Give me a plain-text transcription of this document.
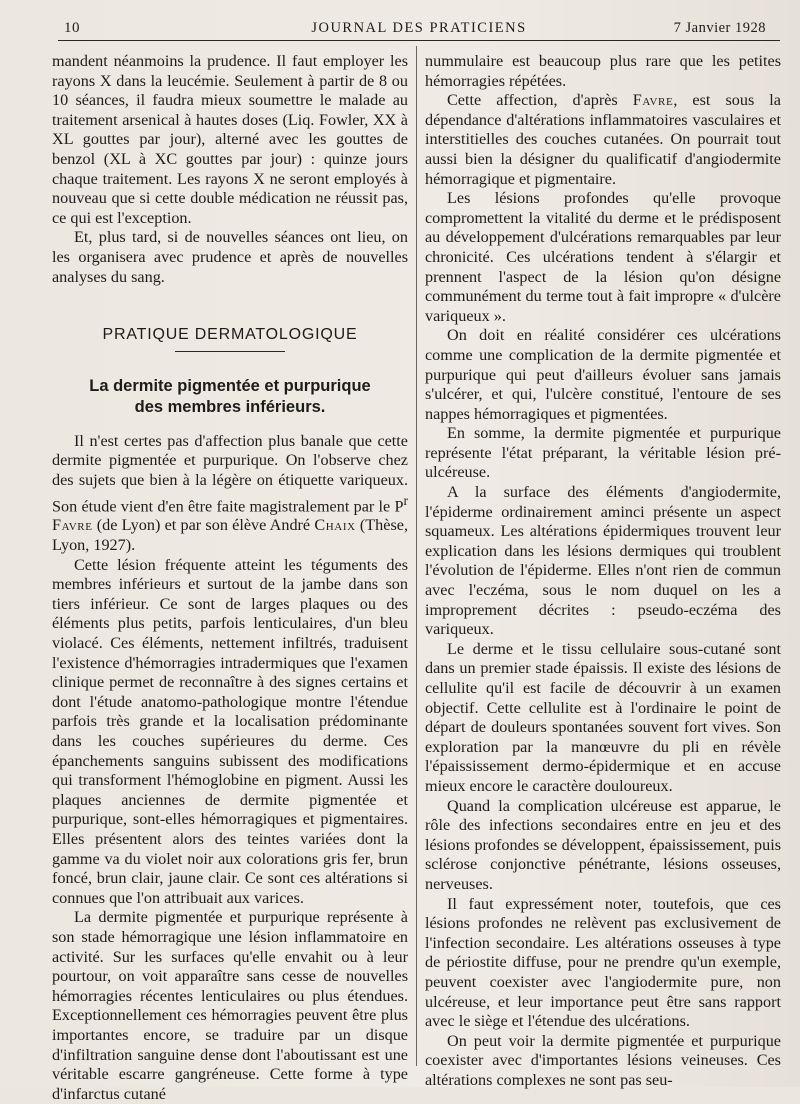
10	JOURNAL DES PRATICIENS	7 Janvier 1928

mandent néanmoins la prudence. Il faut employer les rayons X dans la leucémie. Seulement à partir de 8 ou 10 séances, il faudra mieux soumettre le malade au traitement arsenical à hautes doses (Liq. Fowler, XX à XL gouttes par jour), alterné avec les gouttes de benzol (XL à XC gouttes par jour) : quinze jours chaque traitement. Les rayons X ne seront employés à nouveau que si cette double médication ne réussit pas, ce qui est l'exception.

Et, plus tard, si de nouvelles séances ont lieu, on les organisera avec prudence et après de nouvelles analyses du sang.

PRATIQUE DERMATOLOGIQUE
La dermite pigmentée et purpurique
des membres inférieurs.

Il n'est certes pas d'affection plus banale que cette dermite pigmentée et purpurique. On l'observe chez des sujets que bien à la légère on étiquette variqueux. Son étude vient d'en être faite magistralement par le $P^r$ Favre (de Lyon) et par son élève André Chaix (Thèse, Lyon, 1927).

Cette lésion fréquente atteint les téguments des membres inférieurs et surtout de la jambe dans son tiers inférieur. Ce sont de larges plaques ou des éléments plus petits, parfois lenticulaires, d'un bleu violacé. Ces éléments, nettement infiltrés, traduisent l'existence d'hémorragies intradermiques que l'examen clinique permet de reconnaître à des signes certains et dont l'étude anatomo-pathologique montre l'étendue parfois très grande et la localisation prédominante dans les couches supérieures du derme. Ces épanchements sanguins subissent des modifications qui transforment l'hémoglobine en pigment. Aussi les plaques anciennes de dermite pigmentée et purpurique, sont-elles hémorragiques et pigmentaires. Elles présentent alors des teintes variées dont la gamme va du violet noir aux colorations gris fer, brun foncé, brun clair, jaune clair. Ce sont ces altérations si connues que l'on attribuait aux varices.

La dermite pigmentée et purpurique représente à son stade hémorragique une lésion inflammatoire en activité. Sur les surfaces qu'elle envahit ou à leur pourtour, on voit apparaître sans cesse de nouvelles hémorragies récentes lenticulaires ou plus étendues. Exceptionnellement ces hémorragies peuvent être plus importantes encore, se traduire par un disque d'infiltration sanguine dense dont l'aboutissant est une véritable escarre gangréneuse. Cette forme à type d'infarctus cutané

nummulaire est beaucoup plus rare que les petites hémorragies répétées.

Cette affection, d'après Favre, est sous la dépendance d'altérations inflammatoires vasculaires et interstitielles des couches cutanées. On pourrait tout aussi bien la désigner du qualificatif d'angiodermite hémorragique et pigmentaire.

Les lésions profondes qu'elle provoque compromettent la vitalité du derme et le prédisposent au développement d'ulcérations remarquables par leur chronicité. Ces ulcérations tendent à s'élargir et prennent l'aspect de la lésion qu'on désigne communément du terme tout à fait impropre « d'ulcère variqueux ».

On doit en réalité considérer ces ulcérations comme une complication de la dermite pigmentée et purpurique qui peut d'ailleurs évoluer sans jamais s'ulcérer, et qui, l'ulcère constitué, l'entoure de ses nappes hémorragiques et pigmentées.

En somme, la dermite pigmentée et purpurique représente l'état préparant, la véritable lésion pré-ulcéreuse.

A la surface des éléments d'angiodermite, l'épiderme ordinairement aminci présente un aspect squameux. Les altérations épidermiques trouvent leur explication dans les lésions dermiques qui troublent l'évolution de l'épiderme. Elles n'ont rien de commun avec l'eczéma, sous le nom duquel on les a improprement décrites : pseudo-eczéma des variqueux.

Le derme et le tissu cellulaire sous-cutané sont dans un premier stade épaissis. Il existe des lésions de cellulite qu'il est facile de découvrir à un examen objectif. Cette cellulite est à l'ordinaire le point de départ de douleurs spontanées souvent fort vives. Son exploration par la manœuvre du pli en révèle l'épaississement dermo-épidermique et en accuse mieux encore le caractère douloureux.

Quand la complication ulcéreuse est apparue, le rôle des infections secondaires entre en jeu et des lésions profondes se développent, épaississement, puis sclérose conjonctive pénétrante, lésions osseuses, nerveuses.

Il faut expressément noter, toutefois, que ces lésions profondes ne relèvent pas exclusivement de l'infection secondaire. Les altérations osseuses à type de périostite diffuse, pour ne prendre qu'un exemple, peuvent coexister avec l'angiodermite pure, non ulcéreuse, et leur importance peut être sans rapport avec le siège et l'étendue des ulcérations.

On peut voir la dermite pigmentée et purpurique coexister avec d'importantes lésions veineuses. Ces altérations complexes ne sont pas seu-
